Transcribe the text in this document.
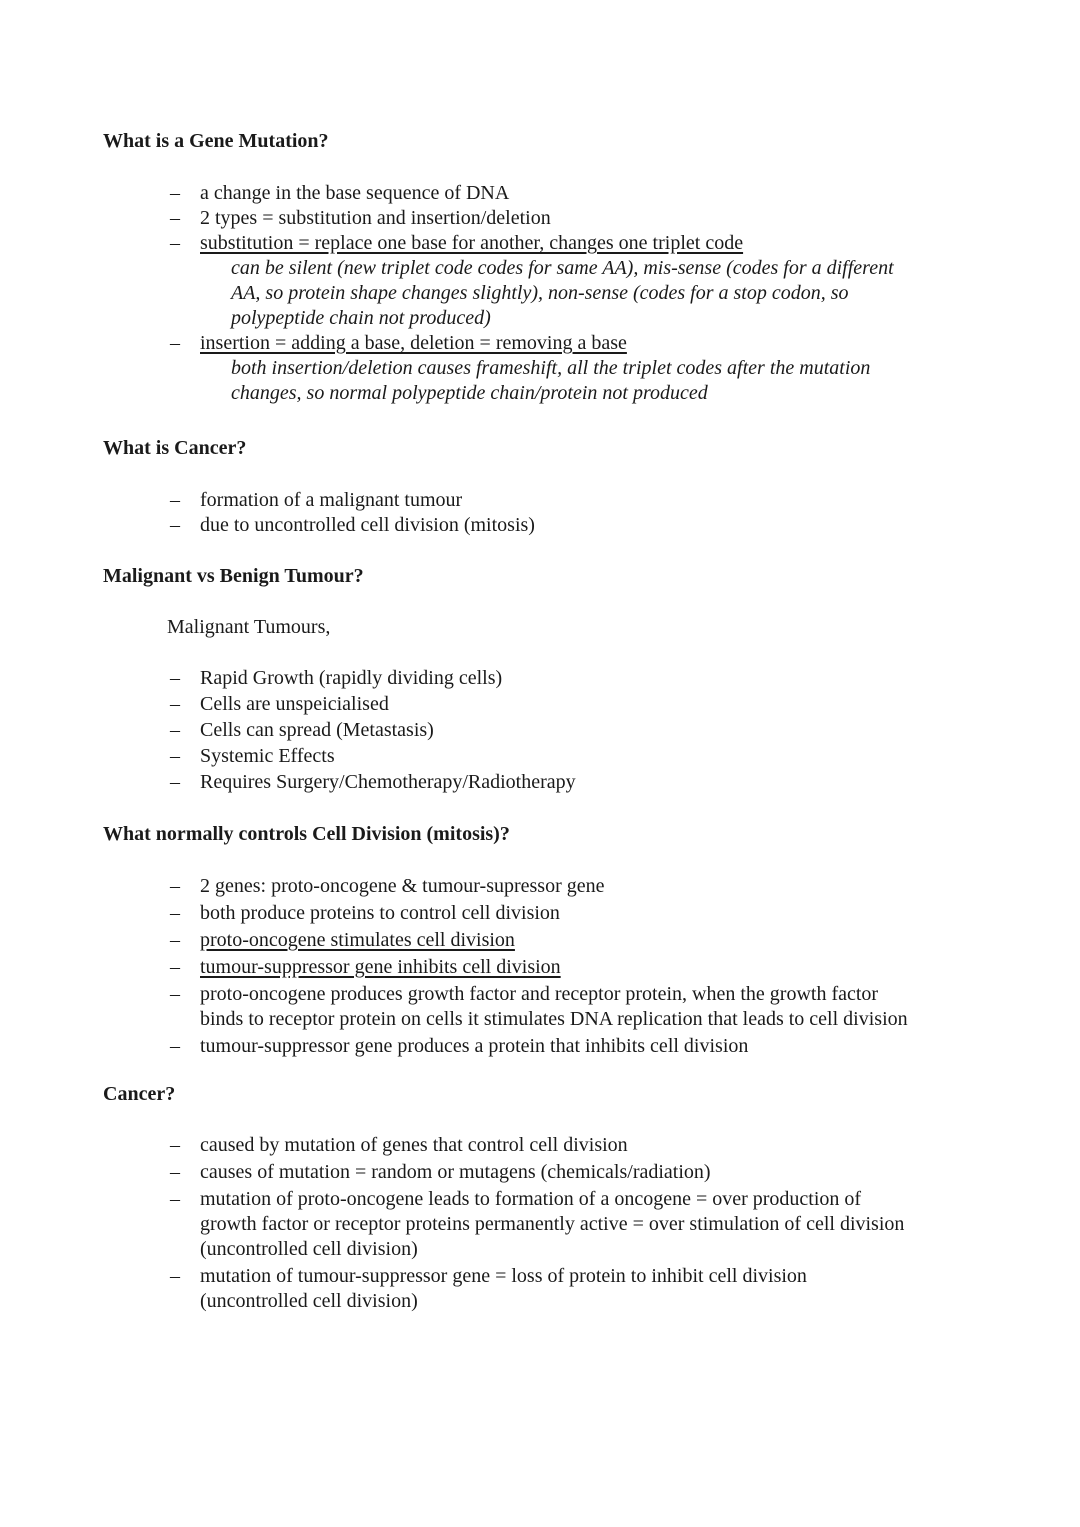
What is a Gene Mutation?
– a change in the base sequence of DNA
– 2 types = substitution and insertion/deletion
– substitution = replace one base for another, changes one triplet code
can be silent (new triplet code codes for same AA), mis-sense (codes for a different
AA, so protein shape changes slightly), non-sense (codes for a stop codon, so
polypeptide chain not produced)
– insertion = adding a base, deletion = removing a base
both insertion/deletion causes frameshift, all the triplet codes after the mutation
changes, so normal polypeptide chain/protein not produced
What is Cancer?
– formation of a malignant tumour
– due to uncontrolled cell division (mitosis)
Malignant vs Benign Tumour?
Malignant Tumours,
– Rapid Growth (rapidly dividing cells)
– Cells are unspeicialised
– Cells can spread (Metastasis)
– Systemic Effects
– Requires Surgery/Chemotherapy/Radiotherapy
What normally controls Cell Division (mitosis)?
– 2 genes: proto-oncogene & tumour-supressor gene
– both produce proteins to control cell division
– proto-oncogene stimulates cell division
– tumour-suppressor gene inhibits cell division
– proto-oncogene produces growth factor and receptor protein, when the growth factor
binds to receptor protein on cells it stimulates DNA replication that leads to cell division
– tumour-suppressor gene produces a protein that inhibits cell division
Cancer?
– caused by mutation of genes that control cell division
– causes of mutation = random or mutagens (chemicals/radiation)
– mutation of proto-oncogene leads to formation of a oncogene = over production of
growth factor or receptor proteins permanently active = over stimulation of cell division
(uncontrolled cell division)
– mutation of tumour-suppressor gene = loss of protein to inhibit cell division
(uncontrolled cell division)
